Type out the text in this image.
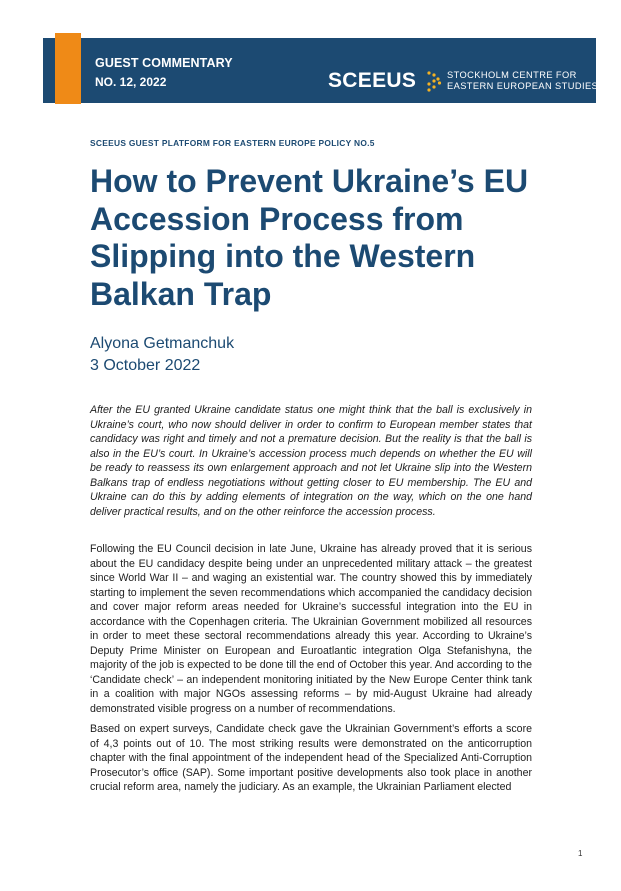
GUEST COMMENTARY
NO. 12, 2022	SCEEUS	STOCKHOLM CENTRE FOR
EASTERN EUROPEAN STUDIES
SCEEUS GUEST PLATFORM FOR EASTERN EUROPE POLICY NO.5
How to Prevent Ukraine’s EU Accession Process from Slipping into the Western Balkan Trap
Alyona Getmanchuk
3 October 2022

After the EU granted Ukraine candidate status one might think that the ball is exclusively in Ukraine’s court, who now should deliver in order to confirm to European member states that candidacy was right and timely and not a premature decision. But the reality is that the ball is also in the EU’s court. In Ukraine’s accession process much depends on whether the EU will be ready to reassess its own enlargement approach and not let Ukraine slip into the Western Balkans trap of endless negotiations without getting closer to EU membership. The EU and Ukraine can do this by adding elements of integration on the way, which on the one hand deliver practical results, and on the other reinforce the accession process.

Following the EU Council decision in late June, Ukraine has already proved that it is serious about the EU candidacy despite being under an unprecedented military attack – the greatest since World War II – and waging an existential war. The country showed this by immediately starting to implement the seven recommendations which accompanied the candidacy decision and cover major reform areas needed for Ukraine’s successful integration into the EU in accordance with the Copenhagen criteria. The Ukrainian Government mobilized all resources in order to meet these sectoral recommendations already this year. According to Ukraine’s Deputy Prime Minister on European and Euroatlantic integration Olga Stefanishyna, the majority of the job is expected to be done till the end of October this year. And according to the ‘Candidate check’ – an independent monitoring initiated by the New Europe Center think tank in a coalition with major NGOs assessing reforms – by mid-August Ukraine had already demonstrated visible progress on a number of recommendations.

Based on expert surveys, Candidate check gave the Ukrainian Government’s efforts a score of 4,3 points out of 10. The most striking results were demonstrated on the anticorruption chapter with the final appointment of the independent head of the Specialized Anti-Corruption Prosecutor’s office (SAP). Some important positive developments also took place in another crucial reform area, namely the judiciary. As an example, the Ukrainian Parliament elected

1
